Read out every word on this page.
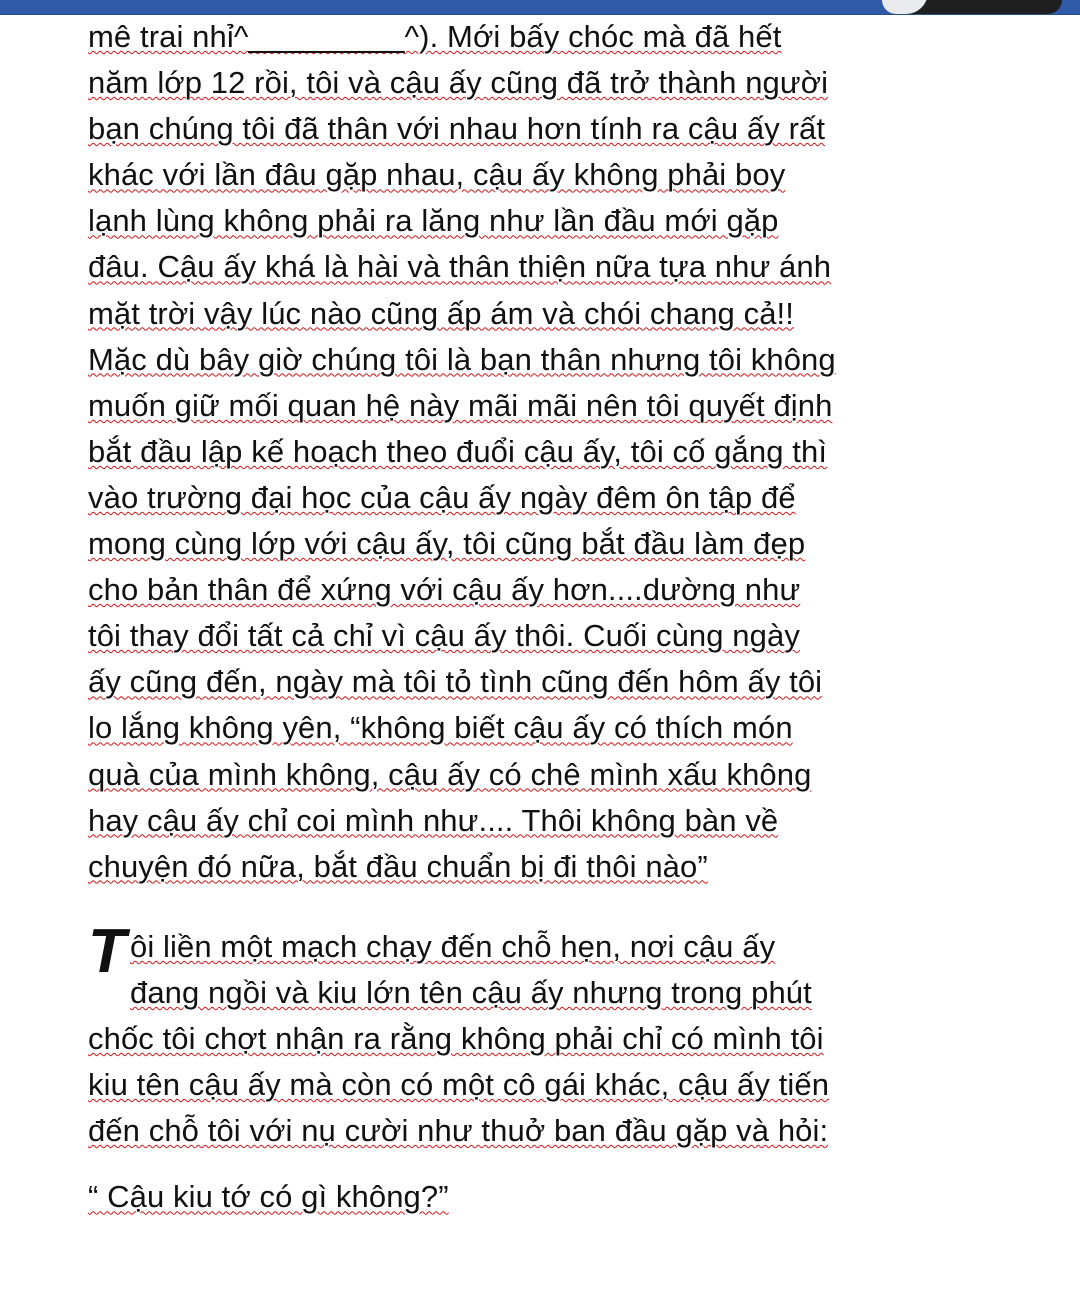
mê trai nhỉ^_________^). Mới bấy chóc mà đã hết
năm lớp 12 rồi, tôi và cậu ấy cũng đã trở thành người
bạn chúng tôi đã thân với nhau hơn tính ra cậu ấy rất
khác với lần đâu gặp nhau, cậu ấy không phải boy
lạnh lùng không phải ra lăng như lần đầu mới gặp
đâu. Cậu ấy khá là hài và thân thiện nữa tựa như ánh
mặt trời vậy lúc nào cũng ấp ám và chói chang cả!!
Mặc dù bây giờ chúng tôi là bạn thân nhưng tôi không
muốn giữ mối quan hệ này mãi mãi nên tôi quyết định
bắt đầu lập kế hoạch theo đuổi cậu ấy, tôi cố gắng thì
vào trường đại học của cậu ấy ngày đêm ôn tập để
mong cùng lớp với cậu ấy, tôi cũng bắt đầu làm đẹp
cho bản thân để xứng với cậu ấy hơn....dường như
tôi thay đổi tất cả chỉ vì cậu ấy thôi. Cuối cùng ngày
ấy cũng đến, ngày mà tôi tỏ tình cũng đến hôm ấy tôi
lo lắng không yên, “không biết cậu ấy có thích món
quà của mình không, cậu ấy có chê mình xấu không
hay cậu ấy chỉ coi mình như.... Thôi không bàn về
chuyện đó nữa, bắt đầu chuẩn bị đi thôi nào”

T ôi liền một mạch chạy đến chỗ hẹn, nơi cậu ấy
đang ngồi và kiu lớn tên cậu ấy nhưng trong phút
chốc tôi chợt nhận ra rằng không phải chỉ có mình tôi
kiu tên cậu ấy mà còn có một cô gái khác, cậu ấy tiến
đến chỗ tôi với nụ cười như thuở ban đầu gặp và hỏi:

“ Cậu kiu tớ có gì không?”
